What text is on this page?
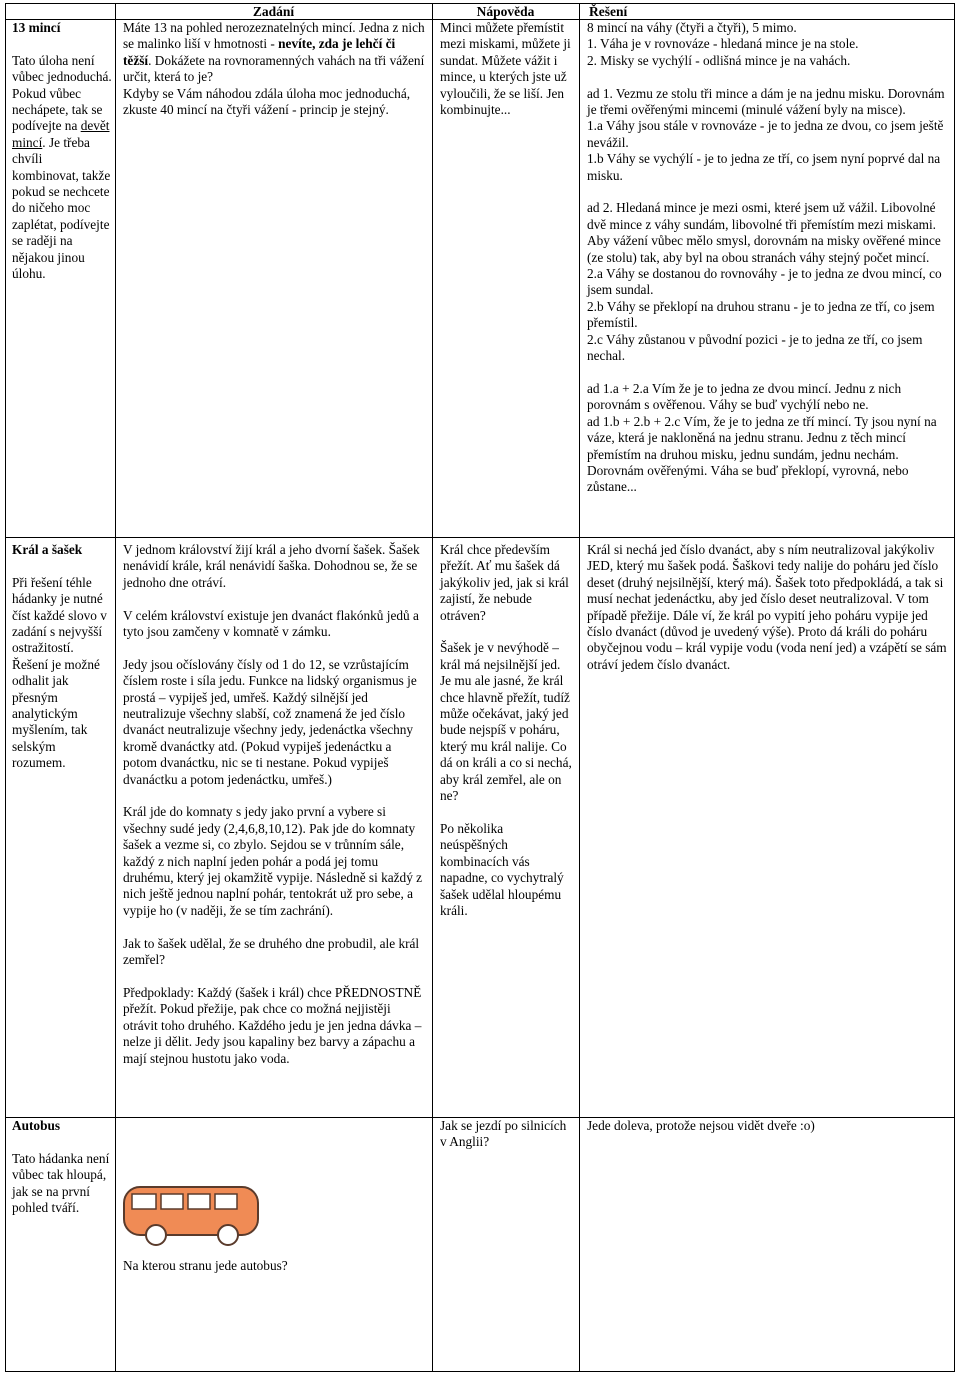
Zadání	Nápověda	Řešení

13 mincí

Tato úloha není vůbec jednoduchá. Pokud vůbec nechápete, tak se podívejte na devět mincí. Je třeba chvíli kombinovat, takže pokud se nechcete do ničeho moc zaplétat, podívejte se raději na nějakou jinou úlohu.

Máte 13 na pohled nerozeznatelných mincí. Jedna z nich se malinko liší v hmotnosti - nevíte, zda je lehčí či těžší. Dokážete na rovnoramenných vahách na tři vážení určit, která to je?

Kdyby se Vám náhodou zdála úloha moc jednoduchá, zkuste 40 mincí na čtyři vážení - princip je stejný.

Minci můžete přemístit mezi miskami, můžete ji sundat. Můžete vážit i mince, u kterých jste už vyloučili, že se liší. Jen kombinujte...

8 mincí na váhy (čtyři a čtyři), 5 mimo.

1. Váha je v rovnováze - hledaná mince je na stole.

2. Misky se vychýlí - odlišná mince je na vahách.

ad 1. Vezmu ze stolu tři mince a dám je na jednu misku. Dorovnám je třemi ověřenými mincemi (minulé vážení byly na misce).

1.a Váhy jsou stále v rovnováze - je to jedna ze dvou, co jsem ještě nevážil.

1.b Váhy se vychýlí - je to jedna ze tří, co jsem nyní poprvé dal na misku.

ad 2. Hledaná mince je mezi osmi, které jsem už vážil. Libovolné dvě mince z váhy sundám, libovolné tři přemístím mezi miskami. Aby vážení vůbec mělo smysl, dorovnám na misky ověřené mince (ze stolu) tak, aby byl na obou stranách váhy stejný počet mincí.

2.a Váhy se dostanou do rovnováhy - je to jedna ze dvou mincí, co jsem sundal.

2.b Váhy se překlopí na druhou stranu - je to jedna ze tří, co jsem přemístil.

2.c Váhy zůstanou v původní pozici - je to jedna ze tří, co jsem nechal.

ad 1.a + 2.a Vím že je to jedna ze dvou mincí. Jednu z nich porovnám s ověřenou. Váhy se buď vychýlí nebo ne.

ad 1.b + 2.b + 2.c Vím, že je to jedna ze tří mincí. Ty jsou nyní na váze, která je nakloněná na jednu stranu. Jednu z těch mincí přemístím na druhou misku, jednu sundám, jednu nechám. Dorovnám ověřenými. Váha se buď překlopí, vyrovná, nebo zůstane...

Král a šašek

Při řešení téhle hádanky je nutné číst každé slovo v zadání s nejvyšší ostražitostí. Řešení je možné odhalit jak přesným analytickým myšlením, tak selským rozumem.

V jednom království žijí král a jeho dvorní šašek. Šašek nenávidí krále, král nenávidí šaška. Dohodnou se, že se jednoho dne otráví.

V celém království existuje jen dvanáct flakónků jedů a tyto jsou zamčeny v komnatě v zámku.

Jedy jsou očíslovány čísly od 1 do 12, se vzrůstajícím číslem roste i síla jedu. Funkce na lidský organismus je prostá – vypiješ jed, umřeš. Každý silnější jed neutralizuje všechny slabší, což znamená že jed číslo dvanáct neutralizuje všechny jedy, jedenáctka všechny kromě dvanáctky atd. (Pokud vypiješ jedenáctku a potom dvanáctku, nic se ti nestane. Pokud vypiješ dvanáctku a potom jedenáctku, umřeš.)

Král jde do komnaty s jedy jako první a vybere si všechny sudé jedy (2,4,6,8,10,12). Pak jde do komnaty šašek a vezme si, co zbylo. Sejdou se v trůnním sále, každý z nich naplní jeden pohár a podá jej tomu druhému, který jej okamžitě vypije. Následně si každý z nich ještě jednou naplní pohár, tentokrát už pro sebe, a vypije ho (v naději, že se tím zachrání).

Jak to šašek udělal, že se druhého dne probudil, ale král zemřel?

Předpoklady: Každý (šašek i král) chce PŘEDNOSTNĚ přežít. Pokud přežije, pak chce co možná nejjistěji otrávit toho druhého. Každého jedu je jen jedna dávka – nelze ji dělit. Jedy jsou kapaliny bez barvy a zápachu a mají stejnou hustotu jako voda.

Král chce především přežít. Ať mu šašek dá jakýkoliv jed, jak si král zajistí, že nebude otráven?

Šašek je v nevýhodě – král má nejsilnější jed. Je mu ale jasné, že král chce hlavně přežít, tudíž může očekávat, jaký jed bude nejspíš v poháru, který mu král nalije. Co dá on králi a co si nechá, aby král zemřel, ale on ne?

Po několika neúspěšných kombinacích vás napadne, co vychytralý šašek udělal hloupému králi.

Král si nechá jed číslo dvanáct, aby s ním neutralizoval jakýkoliv JED, který mu šašek podá. Šaškovi tedy nalije do poháru jed číslo deset (druhý nejsilnější, který má). Šašek toto předpokládá, a tak si musí nechat jedenáctku, aby jed číslo deset neutralizoval. V tom případě přežije. Dále ví, že král po vypití jeho poháru vypije jed číslo dvanáct (důvod je uvedený výše). Proto dá králi do poháru obyčejnou vodu – král vypije vodu (voda není jed) a vzápětí se sám otráví jedem číslo dvanáct.

Autobus

Tato hádanka není vůbec tak hloupá, jak se na první pohled tváří.

Na kterou stranu jede autobus?

Jak se jezdí po silnicích v Anglii?

Jede doleva, protože nejsou vidět dveře :o)
